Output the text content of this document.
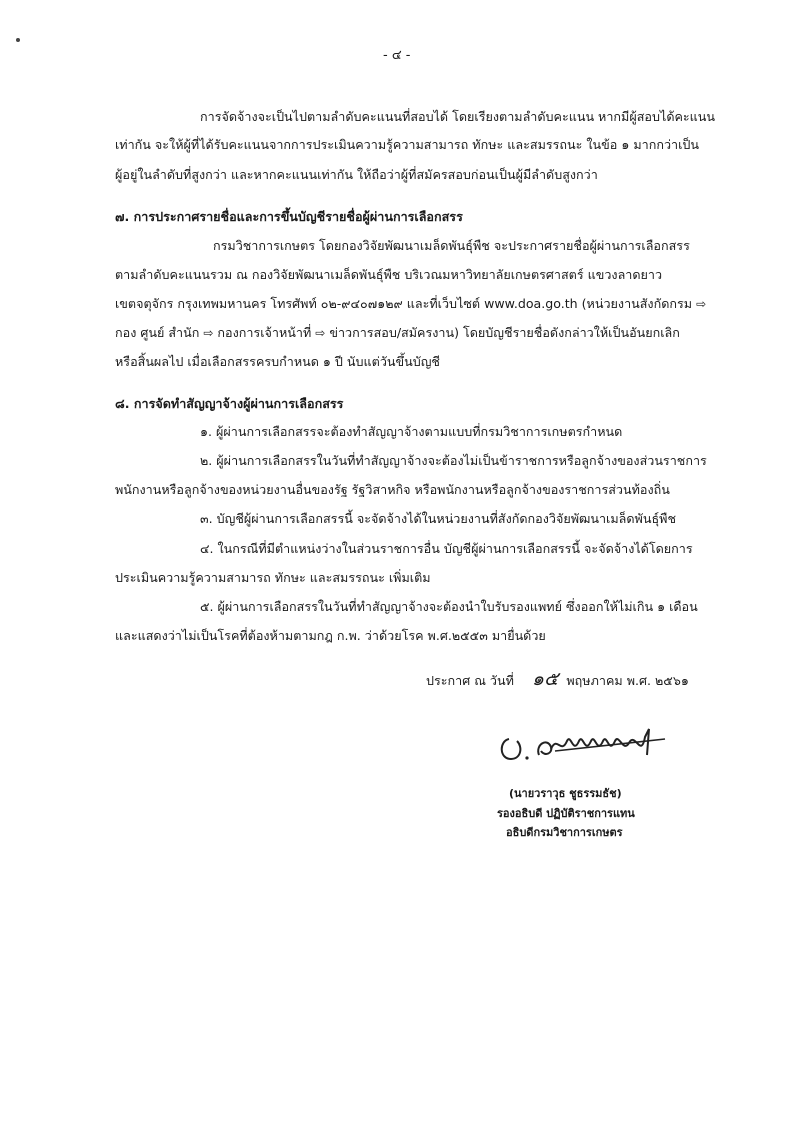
- ๔ -
การจัดจ้างจะเป็นไปตามลำดับคะแนนที่สอบได้ โดยเรียงตามลำดับคะแนน หากมีผู้สอบได้คะแนน
เท่ากัน จะให้ผู้ที่ได้รับคะแนนจากการประเมินความรู้ความสามารถ ทักษะ และสมรรถนะ ในข้อ ๑ มากกว่าเป็น
ผู้อยู่ในลำดับที่สูงกว่า และหากคะแนนเท่ากัน ให้ถือว่าผู้ที่สมัครสอบก่อนเป็นผู้มีลำดับสูงกว่า
๗. การประกาศรายชื่อและการขึ้นบัญชีรายชื่อผู้ผ่านการเลือกสรร
กรมวิชาการเกษตร โดยกองวิจัยพัฒนาเมล็ดพันธุ์พืช จะประกาศรายชื่อผู้ผ่านการเลือกสรร
ตามลำดับคะแนนรวม ณ กองวิจัยพัฒนาเมล็ดพันธุ์พืช บริเวณมหาวิทยาลัยเกษตรศาสตร์ แขวงลาดยาว
เขตจตุจักร กรุงเทพมหานคร โทรศัพท์ ๐๒-๙๔๐๗๑๒๙ และที่เว็บไซต์ www.doa.go.th (หน่วยงานสังกัดกรม ⇨
กอง ศูนย์ สำนัก ⇨ กองการเจ้าหน้าที่ ⇨ ข่าวการสอบ/สมัครงาน) โดยบัญชีรายชื่อดังกล่าวให้เป็นอันยกเลิก
หรือสิ้นผลไป เมื่อเลือกสรรครบกำหนด ๑ ปี นับแต่วันขึ้นบัญชี
๘. การจัดทำสัญญาจ้างผู้ผ่านการเลือกสรร
๑. ผู้ผ่านการเลือกสรรจะต้องทำสัญญาจ้างตามแบบที่กรมวิชาการเกษตรกำหนด
๒. ผู้ผ่านการเลือกสรรในวันที่ทำสัญญาจ้างจะต้องไม่เป็นข้าราชการหรือลูกจ้างของส่วนราชการ
พนักงานหรือลูกจ้างของหน่วยงานอื่นของรัฐ รัฐวิสาหกิจ หรือพนักงานหรือลูกจ้างของราชการส่วนท้องถิ่น
๓. บัญชีผู้ผ่านการเลือกสรรนี้ จะจัดจ้างได้ในหน่วยงานที่สังกัดกองวิจัยพัฒนาเมล็ดพันธุ์พืช
๔. ในกรณีที่มีตำแหน่งว่างในส่วนราชการอื่น บัญชีผู้ผ่านการเลือกสรรนี้ จะจัดจ้างได้โดยการ
ประเมินความรู้ความสามารถ ทักษะ และสมรรถนะ เพิ่มเติม
๕. ผู้ผ่านการเลือกสรรในวันที่ทำสัญญาจ้างจะต้องนำใบรับรองแพทย์ ซึ่งออกให้ไม่เกิน ๑ เดือน
และแสดงว่าไม่เป็นโรคที่ต้องห้ามตามกฎ ก.พ. ว่าด้วยโรค พ.ศ.๒๕๕๓ มายื่นด้วย
ประกาศ ณ วันที่ ๑๕ พฤษภาคม พ.ศ. ๒๕๖๑
(นายวราวุธ ชูธรรมธัช)
รองอธิบดี ปฏิบัติราชการแทน
อธิบดีกรมวิชาการเกษตร
